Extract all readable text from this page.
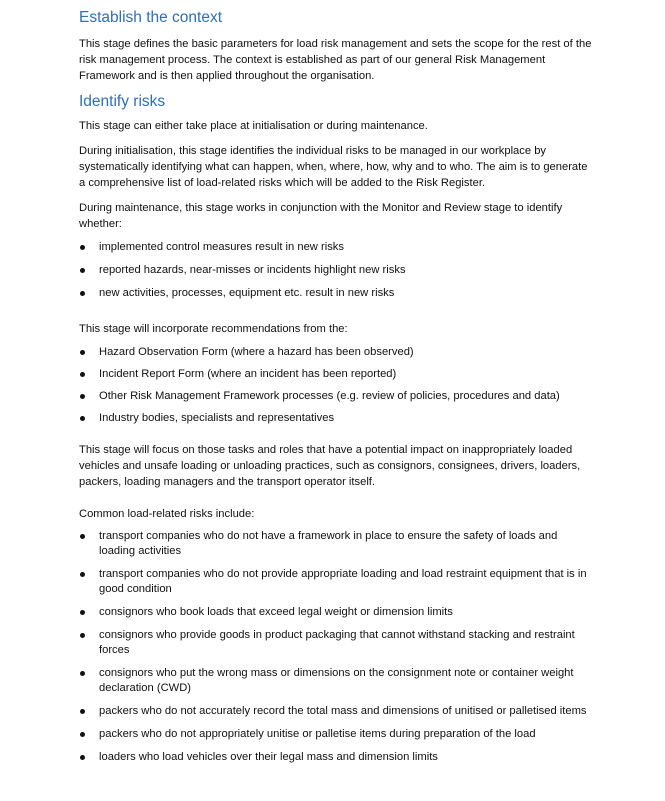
Establish the context

This stage defines the basic parameters for load risk management and sets the scope for the rest of the risk management process. The context is established as part of our general Risk Management Framework and is then applied throughout the organisation.

Identify risks

This stage can either take place at initialisation or during maintenance.

During initialisation, this stage identifies the individual risks to be managed in our workplace by systematically identifying what can happen, when, where, how, why and to who. The aim is to generate a comprehensive list of load-related risks which will be added to the Risk Register.

During maintenance, this stage works in conjunction with the Monitor and Review stage to identify whether:

implemented control measures result in new risks
reported hazards, near-misses or incidents highlight new risks
new activities, processes, equipment etc. result in new risks

This stage will incorporate recommendations from the:

Hazard Observation Form (where a hazard has been observed)
Incident Report Form (where an incident has been reported)
Other Risk Management Framework processes (e.g. review of policies, procedures and data)
Industry bodies, specialists and representatives

This stage will focus on those tasks and roles that have a potential impact on inappropriately loaded vehicles and unsafe loading or unloading practices, such as consignors, consignees, drivers, loaders, packers, loading managers and the transport operator itself.

Common load-related risks include:

transport companies who do not have a framework in place to ensure the safety of loads and loading activities
transport companies who do not provide appropriate loading and load restraint equipment that is in good condition
consignors who book loads that exceed legal weight or dimension limits
consignors who provide goods in product packaging that cannot withstand stacking and restraint forces
consignors who put the wrong mass or dimensions on the consignment note or container weight declaration (CWD)
packers who do not accurately record the total mass and dimensions of unitised or palletised items
packers who do not appropriately unitise or palletise items during preparation of the load
loaders who load vehicles over their legal mass and dimension limits
